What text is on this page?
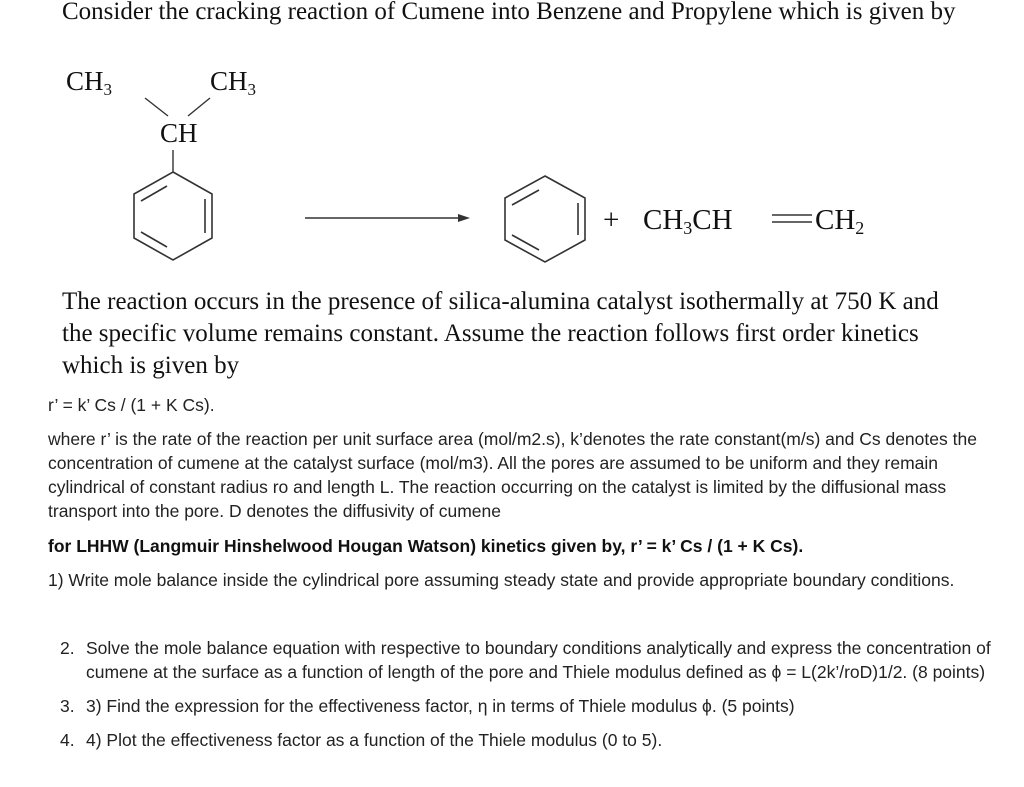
Consider the cracking reaction of Cumene into Benzene and Propylene which is given by

CH3	CH3
CH
+ CH3CH	CH2

The reaction occurs in the presence of silica-alumina catalyst isothermally at 750 K and the specific volume remains constant. Assume the reaction follows first order kinetics which is given by

r’ = k’ Cs / (1 + K Cs).

where r’ is the rate of the reaction per unit surface area (mol/m2.s), k’denotes the rate constant(m/s) and Cs denotes the concentration of cumene at the catalyst surface (mol/m3). All the pores are assumed to be uniform and they remain cylindrical of constant radius ro and length L. The reaction occurring on the catalyst is limited by the diffusional mass transport into the pore. D denotes the diffusivity of cumene

for LHHW (Langmuir Hinshelwood Hougan Watson) kinetics given by, r’ = k’ Cs / (1 + K Cs).

1) Write mole balance inside the cylindrical pore assuming steady state and provide appropriate boundary conditions.

2. Solve the mole balance equation with respective to boundary conditions analytically and express the concentration of cumene at the surface as a function of length of the pore and Thiele modulus defined as ϕ = L(2k’/roD)1/2. (8 points)
3. 3) Find the expression for the effectiveness factor, η in terms of Thiele modulus ϕ. (5 points)
4. 4) Plot the effectiveness factor as a function of the Thiele modulus (0 to 5).
